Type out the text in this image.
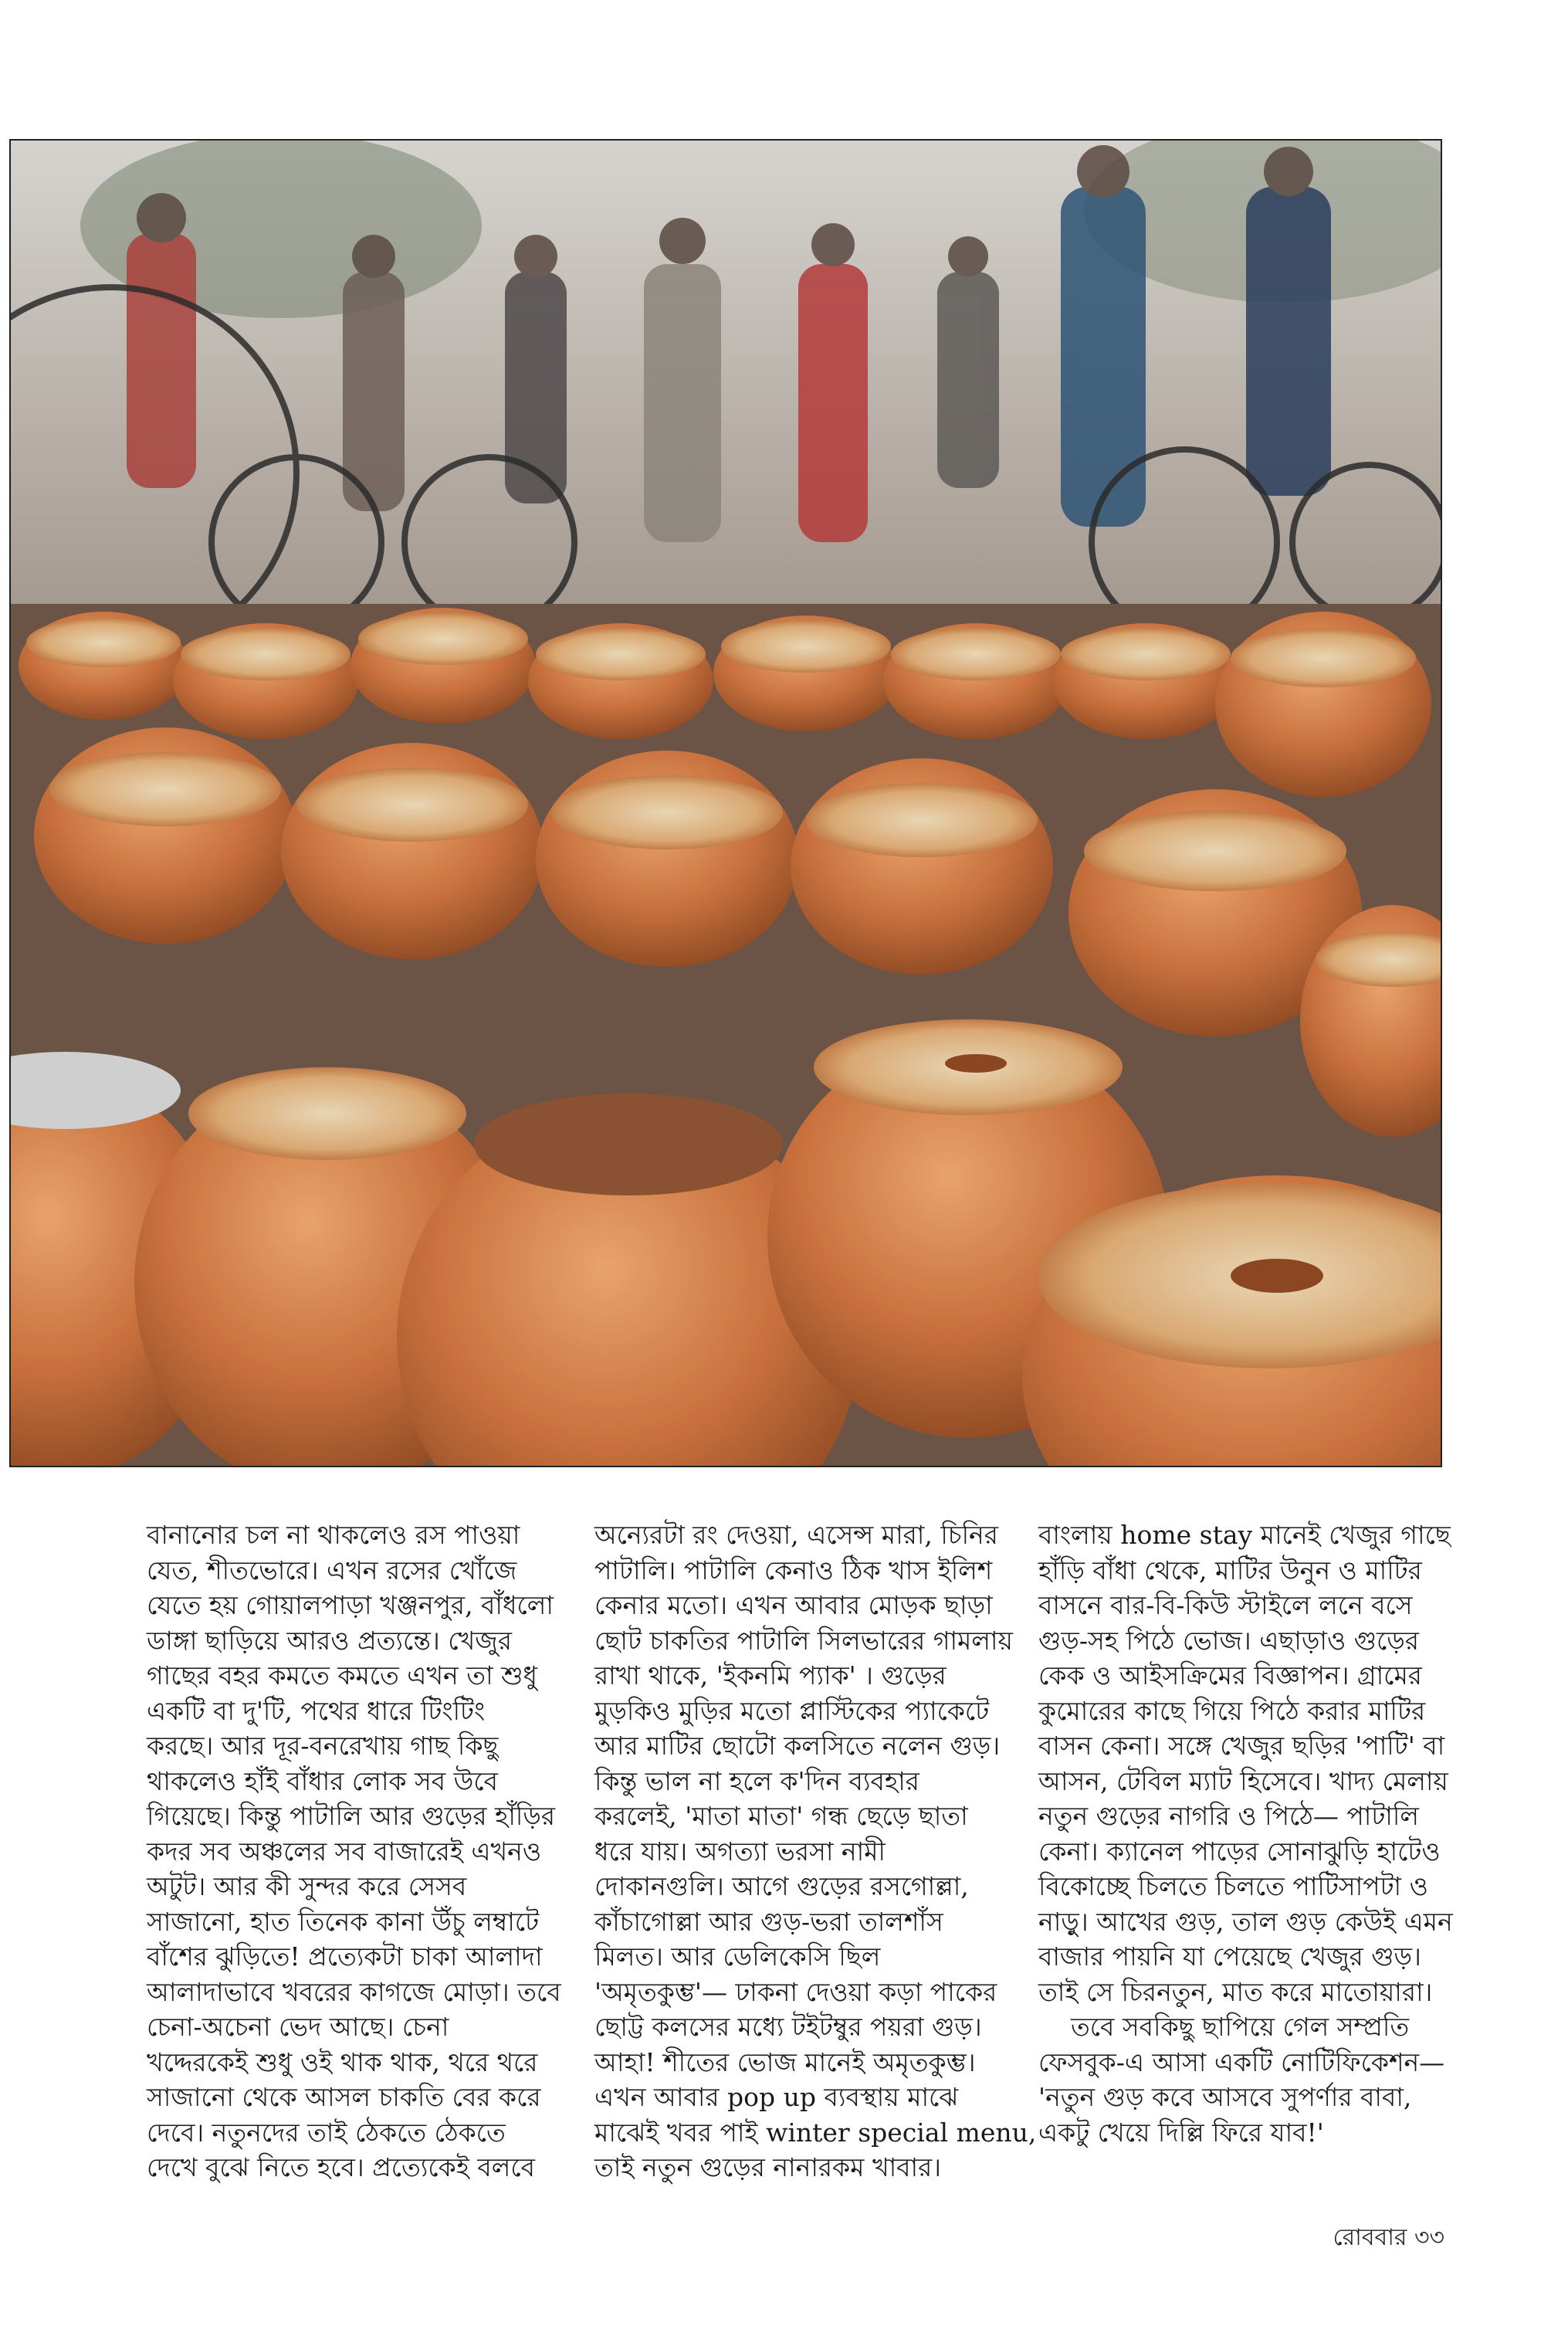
বানানোর চল না থাকলেও রস পাওয়া

যেত, শীতভোরে। এখন রসের খোঁজে

যেতে হয় গোয়ালপাড়া খঞ্জনপুর, বাঁধলো

ডাঙ্গা ছাড়িয়ে আরও প্রত্যন্তে। খেজুর

গাছের বহর কমতে কমতে এখন তা শুধু

একটি বা দু'টি, পথের ধারে টিংটিং

করছে। আর দূর-বনরেখায় গাছ কিছু

থাকলেও হাঁই বাঁধার লোক সব উবে

গিয়েছে। কিন্তু পাটালি আর গুড়ের হাঁড়ির

কদর সব অঞ্চলের সব বাজারেই এখনও

অটুট। আর কী সুন্দর করে সেসব

সাজানো, হাত তিনেক কানা উঁচু লম্বাটে

বাঁশের ঝুড়িতে! প্রত্যেকটা চাকা আলাদা

আলাদাভাবে খবরের কাগজে মোড়া। তবে

চেনা-অচেনা ভেদ আছে। চেনা

খদ্দেরকেই শুধু ওই থাক থাক, থরে থরে

সাজানো থেকে আসল চাকতি বের করে

দেবে। নতুনদের তাই ঠেকতে ঠেকতে

দেখে বুঝে নিতে হবে। প্রত্যেকেই বলবে

অন্যেরটা রং দেওয়া, এসেন্স মারা, চিনির

পাটালি। পাটালি কেনাও ঠিক খাস ইলিশ

কেনার মতো। এখন আবার মোড়ক ছাড়া

ছোট চাকতির পাটালি সিলভারের গামলায়

রাখা থাকে, 'ইকনমি প্যাক' । গুড়ের

মুড়কিও মুড়ির মতো প্লাস্টিকের প্যাকেটে

আর মাটির ছোটো কলসিতে নলেন গুড়।

কিন্তু ভাল না হলে ক'দিন ব্যবহার

করলেই, 'মাতা মাতা' গন্ধ ছেড়ে ছাতা

ধরে যায়। অগত্যা ভরসা নামী

দোকানগুলি। আগে গুড়ের রসগোল্লা,

কাঁচাগোল্লা আর গুড়-ভরা তালশাঁস

মিলত। আর ডেলিকেসি ছিল

'অমৃতকুম্ভ'— ঢাকনা দেওয়া কড়া পাকের

ছোট্ট কলসের মধ্যে টইটম্বুর পয়রা গুড়।

আহা! শীতের ভোজ মানেই অমৃতকুম্ভ।

এখন আবার pop up ব্যবস্থায় মাঝে

মাঝেই খবর পাই winter special menu,

তাই নতুন গুড়ের নানারকম খাবার।

বাংলায় home stay মানেই খেজুর গাছে

হাঁড়ি বাঁধা থেকে, মাটির উনুন ও মাটির

বাসনে বার-বি-কিউ স্টাইলে লনে বসে

গুড়-সহ পিঠে ভোজ। এছাড়াও গুড়ের

কেক ও আইসক্রিমের বিজ্ঞাপন। গ্রামের

কুমোরের কাছে গিয়ে পিঠে করার মাটির

বাসন কেনা। সঙ্গে খেজুর ছড়ির 'পাটি' বা

আসন, টেবিল ম্যাট হিসেবে। খাদ্য মেলায়

নতুন গুড়ের নাগরি ও পিঠে— পাটালি

কেনা। ক্যানেল পাড়ের সোনাঝুড়ি হাটেও

বিকোচ্ছে চিলতে চিলতে পাটিসাপটা ও

নাড়ু। আখের গুড়, তাল গুড় কেউই এমন

বাজার পায়নি যা পেয়েছে খেজুর গুড়।

তাই সে চিরনতুন, মাত করে মাতোয়ারা।

তবে সবকিছু ছাপিয়ে গেল সম্প্রতি

ফেসবুক-এ আসা একটি নোটিফিকেশন—

'নতুন গুড় কবে আসবে সুপর্ণার বাবা,

একটু খেয়ে দিল্লি ফিরে যাব!'

রোববার ৩৩
